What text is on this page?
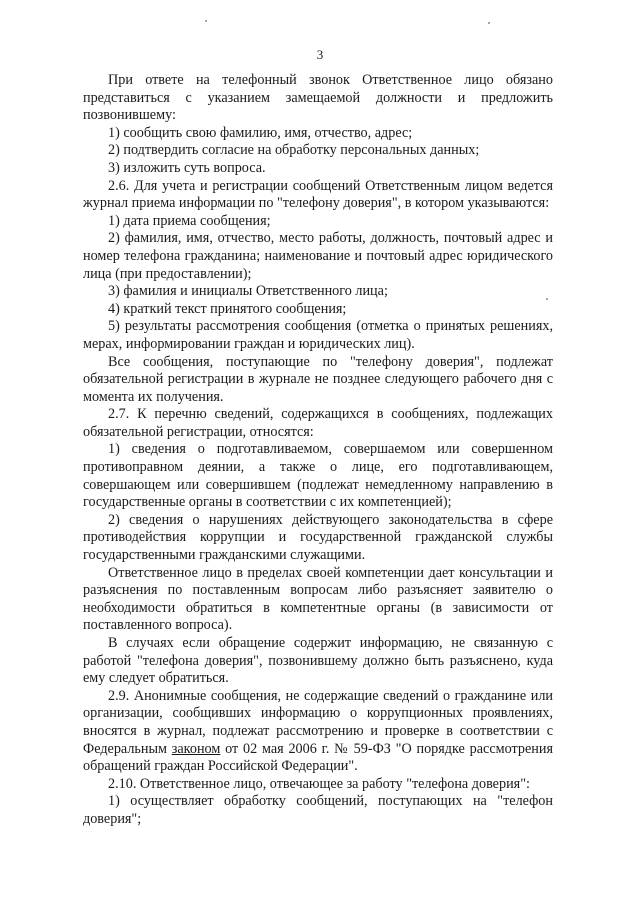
3

При ответе на телефонный звонок Ответственное лицо обязано представиться с указанием замещаемой должности и предложить позвонившему:

1) сообщить свою фамилию, имя, отчество, адрес;

2) подтвердить согласие на обработку персональных данных;

3) изложить суть вопроса.

2.6. Для учета и регистрации сообщений Ответственным лицом ведется журнал приема информации по "телефону доверия", в котором указываются:

1) дата приема сообщения;

2) фамилия, имя, отчество, место работы, должность, почтовый адрес и номер телефона гражданина; наименование и почтовый адрес юридического лица (при предоставлении);

3) фамилия и инициалы Ответственного лица;

4) краткий текст принятого сообщения;

5) результаты рассмотрения сообщения (отметка о принятых решениях, мерах, информировании граждан и юридических лиц).

Все сообщения, поступающие по "телефону доверия", подлежат обязательной регистрации в журнале не позднее следующего рабочего дня с момента их получения.

2.7. К перечню сведений, содержащихся в сообщениях, подлежащих обязательной регистрации, относятся:

1) сведения о подготавливаемом, совершаемом или совершенном противоправном деянии, а также о лице, его подготавливающем, совершающем или совершившем (подлежат немедленному направлению в государственные органы в соответствии с их компетенцией);

2) сведения о нарушениях действующего законодательства в сфере противодействия коррупции и государственной гражданской службы государственными гражданскими служащими.

Ответственное лицо в пределах своей компетенции дает консультации и разъяснения по поставленным вопросам либо разъясняет заявителю о необходимости обратиться в компетентные органы (в зависимости от поставленного вопроса).

В случаях если обращение содержит информацию, не связанную с работой "телефона доверия", позвонившему должно быть разъяснено, куда ему следует обратиться.

2.9. Анонимные сообщения, не содержащие сведений о гражданине или организации, сообщивших информацию о коррупционных проявлениях, вносятся в журнал, подлежат рассмотрению и проверке в соответствии с Федеральным законом от 02 мая 2006 г. № 59-ФЗ "О порядке рассмотрения обращений граждан Российской Федерации".

2.10. Ответственное лицо, отвечающее за работу "телефона доверия":

1) осуществляет обработку сообщений, поступающих на "телефон доверия";
